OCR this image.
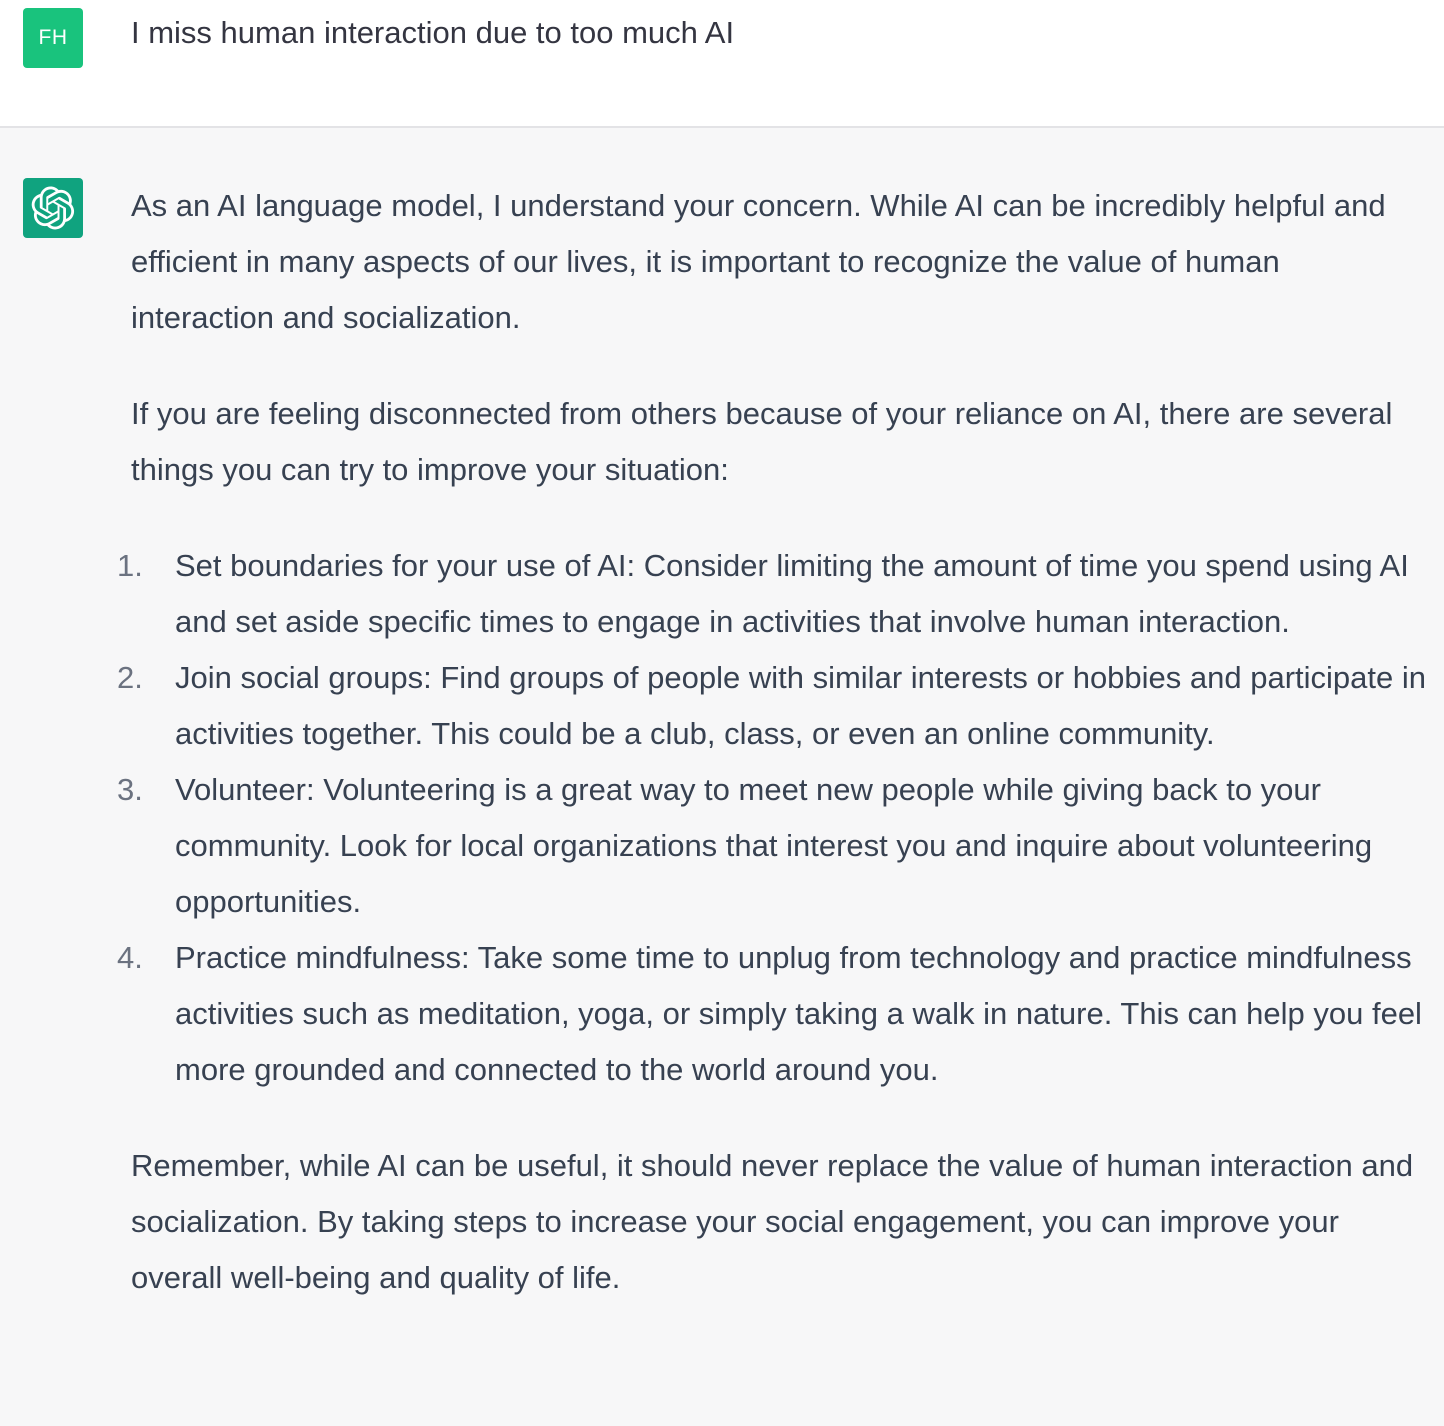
FH	I miss human interaction due to too much AI

As an AI language model, I understand your concern. While AI can be incredibly helpful and efficient in many aspects of our lives, it is important to recognize the value of human interaction and socialization.

If you are feeling disconnected from others because of your reliance on AI, there are several things you can try to improve your situation:

1. Set boundaries for your use of AI: Consider limiting the amount of time you spend using AI and set aside specific times to engage in activities that involve human interaction.
2. Join social groups: Find groups of people with similar interests or hobbies and participate in activities together. This could be a club, class, or even an online community.
3. Volunteer: Volunteering is a great way to meet new people while giving back to your community. Look for local organizations that interest you and inquire about volunteering opportunities.
4. Practice mindfulness: Take some time to unplug from technology and practice mindfulness activities such as meditation, yoga, or simply taking a walk in nature. This can help you feel more grounded and connected to the world around you.

Remember, while AI can be useful, it should never replace the value of human interaction and socialization. By taking steps to increase your social engagement, you can improve your overall well-being and quality of life.
